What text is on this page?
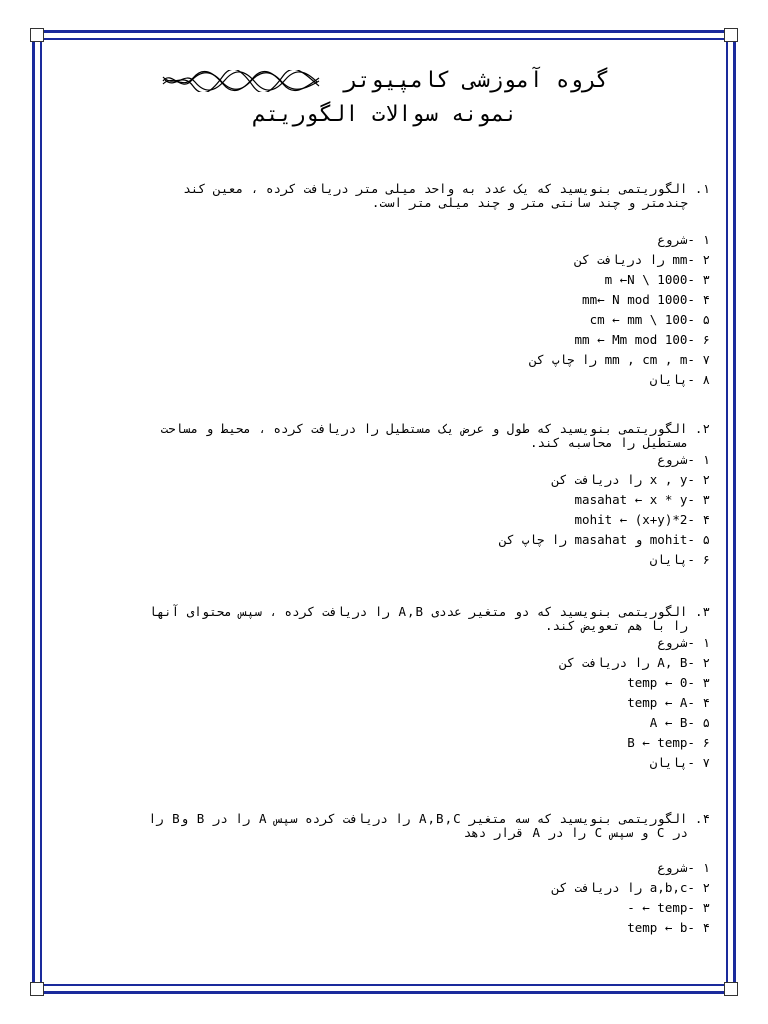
گروه آموزشی کامپیوتر
نمونه سوالات الگوریتم
۱. الگوریتمی بنویسید که یک عدد به واحد میلی متر دریافت کرده ، معین کند
چندمتر و چند سانتی متر و چند میلی متر است.
۱ -شروع
۲ -mm را دریافت کن
۳ -m ←N \ 1000
۴ -mm← N mod 1000
۵ -cm ← mm \ 100
۶ -mm ← Mm mod 100
۷ -mm , cm , m را چاپ کن
۸ -پایان
۲. الگوریتمی بنویسید که طول و عرض یک مستطیل را دریافت کرده ، محیط و مساحت
مستطیل را محاسبه کند.
۱ -شروع
۲ -x , y را دریافت کن
۳ -masahat ← x * y
۴ -mohit ← (x+y)*2
۵ -mohit و masahat را چاپ کن
۶ -پایان
۳. الگوریتمی بنویسید که دو متغیر عددی A,B را دریافت کرده ، سپس محتوای آنها
را با هم تعویض کند.
۱ -شروع
۲ -A, B را دریافت کن
۳ -temp ← 0
۴ -temp ← A
۵ -A ← B
۶ -B ← temp
۷ -پایان
۴. الگوریتمی بنویسید که سه متغیر A,B,C را دریافت کرده سپس A را در B وB را
در C و سپس C را در A قرار دهد
۱ -شروع
۲ -a,b,c را دریافت کن
۳ -temp ← -
۴ -temp ← b
